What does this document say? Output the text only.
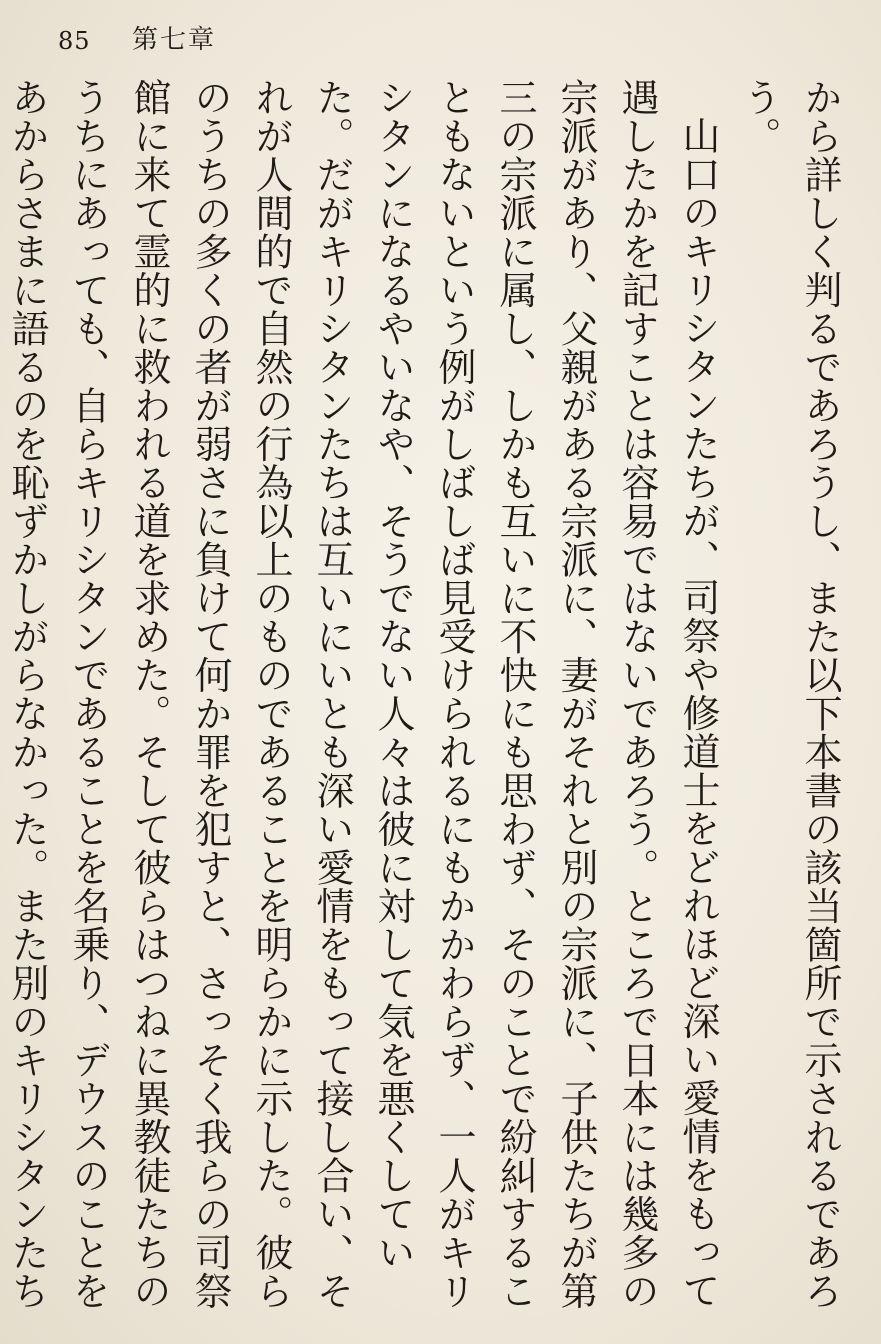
85 第七章

から詳しく判るであろうし、また以下本書の該当箇所で示されるであろう。

山口のキリシタンたちが、司祭や修道士をどれほど深い愛情をもって遇したかを記すことは容易ではないであろう。ところで日本には幾多の宗派があり、父親がある宗派に、妻がそれと別の宗派に、子供たちが第三の宗派に属し、しかも互いに不快にも思わず、そのことで紛糾することもないという例がしばしば見受けられるにもかかわらず、一人がキリシタンになるやいなや、そうでない人々は彼に対して気を悪くしていた。だがキリシタンたちは互いにいとも深い愛情をもって接し合い、それが人間的で自然の行為以上のものであることを明らかに示した。彼らのうちの多くの者が弱さに負けて何か罪を犯すと、さっそく我らの司祭館に来て霊的に救われる道を求めた。そして彼らはつねに異教徒たちのうちにあっても、自らキリシタンであることを名乗り、デウスのことをあからさまに語るのを恥ずかしがらなかった。また別のキリシタンたち
